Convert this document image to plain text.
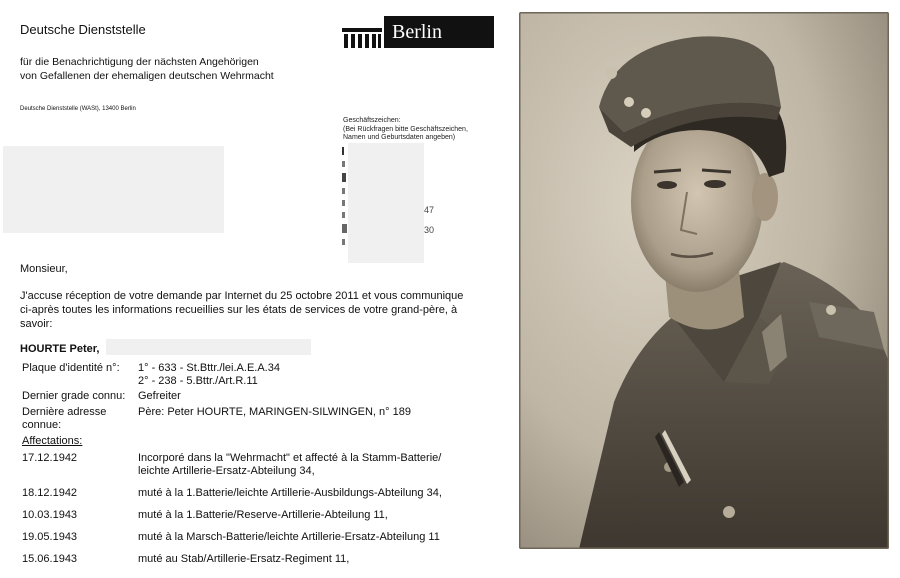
Deutsche Dienststelle
für die Benachrichtigung der nächsten Angehörigen
von Gefallenen der ehemaligen deutschen Wehrmacht
Berlin
Deutsche Dienststelle (WASt), 13400 Berlin
Geschäftszeichen:
(Bei Rückfragen bitte Geschäftszeichen,
Namen und Geburtsdaten angeben)
47
30
Monsieur,
J'accuse réception de votre demande par Internet du 25 octobre 2011 et vous communique
ci-après toutes les informations recueillies sur les états de services de votre grand-père, à
savoir:
HOURTE Peter,
Plaque d'identité n°: 1° - 633 - St.Bttr./lei.A.E.A.34
2° - 238 - 5.Bttr./Art.R.11
Dernier grade connu: Gefreiter
Dernière adresse
connue:
Père: Peter HOURTE, MARINGEN-SILWINGEN, n° 189
Affectations:
17.12.1942	Incorporé dans la "Wehrmacht" et affecté à la Stamm-Batterie/
leichte Artillerie-Ersatz-Abteilung 34,
18.12.1942	muté à la 1.Batterie/leichte Artillerie-Ausbildungs-Abteilung 34,
10.03.1943	muté à la 1.Batterie/Reserve-Artillerie-Abteilung 11,
19.05.1943	muté à la Marsch-Batterie/leichte Artillerie-Ersatz-Abteilung 11
15.06.1943	muté au Stab/Artillerie-Ersatz-Regiment 11,
